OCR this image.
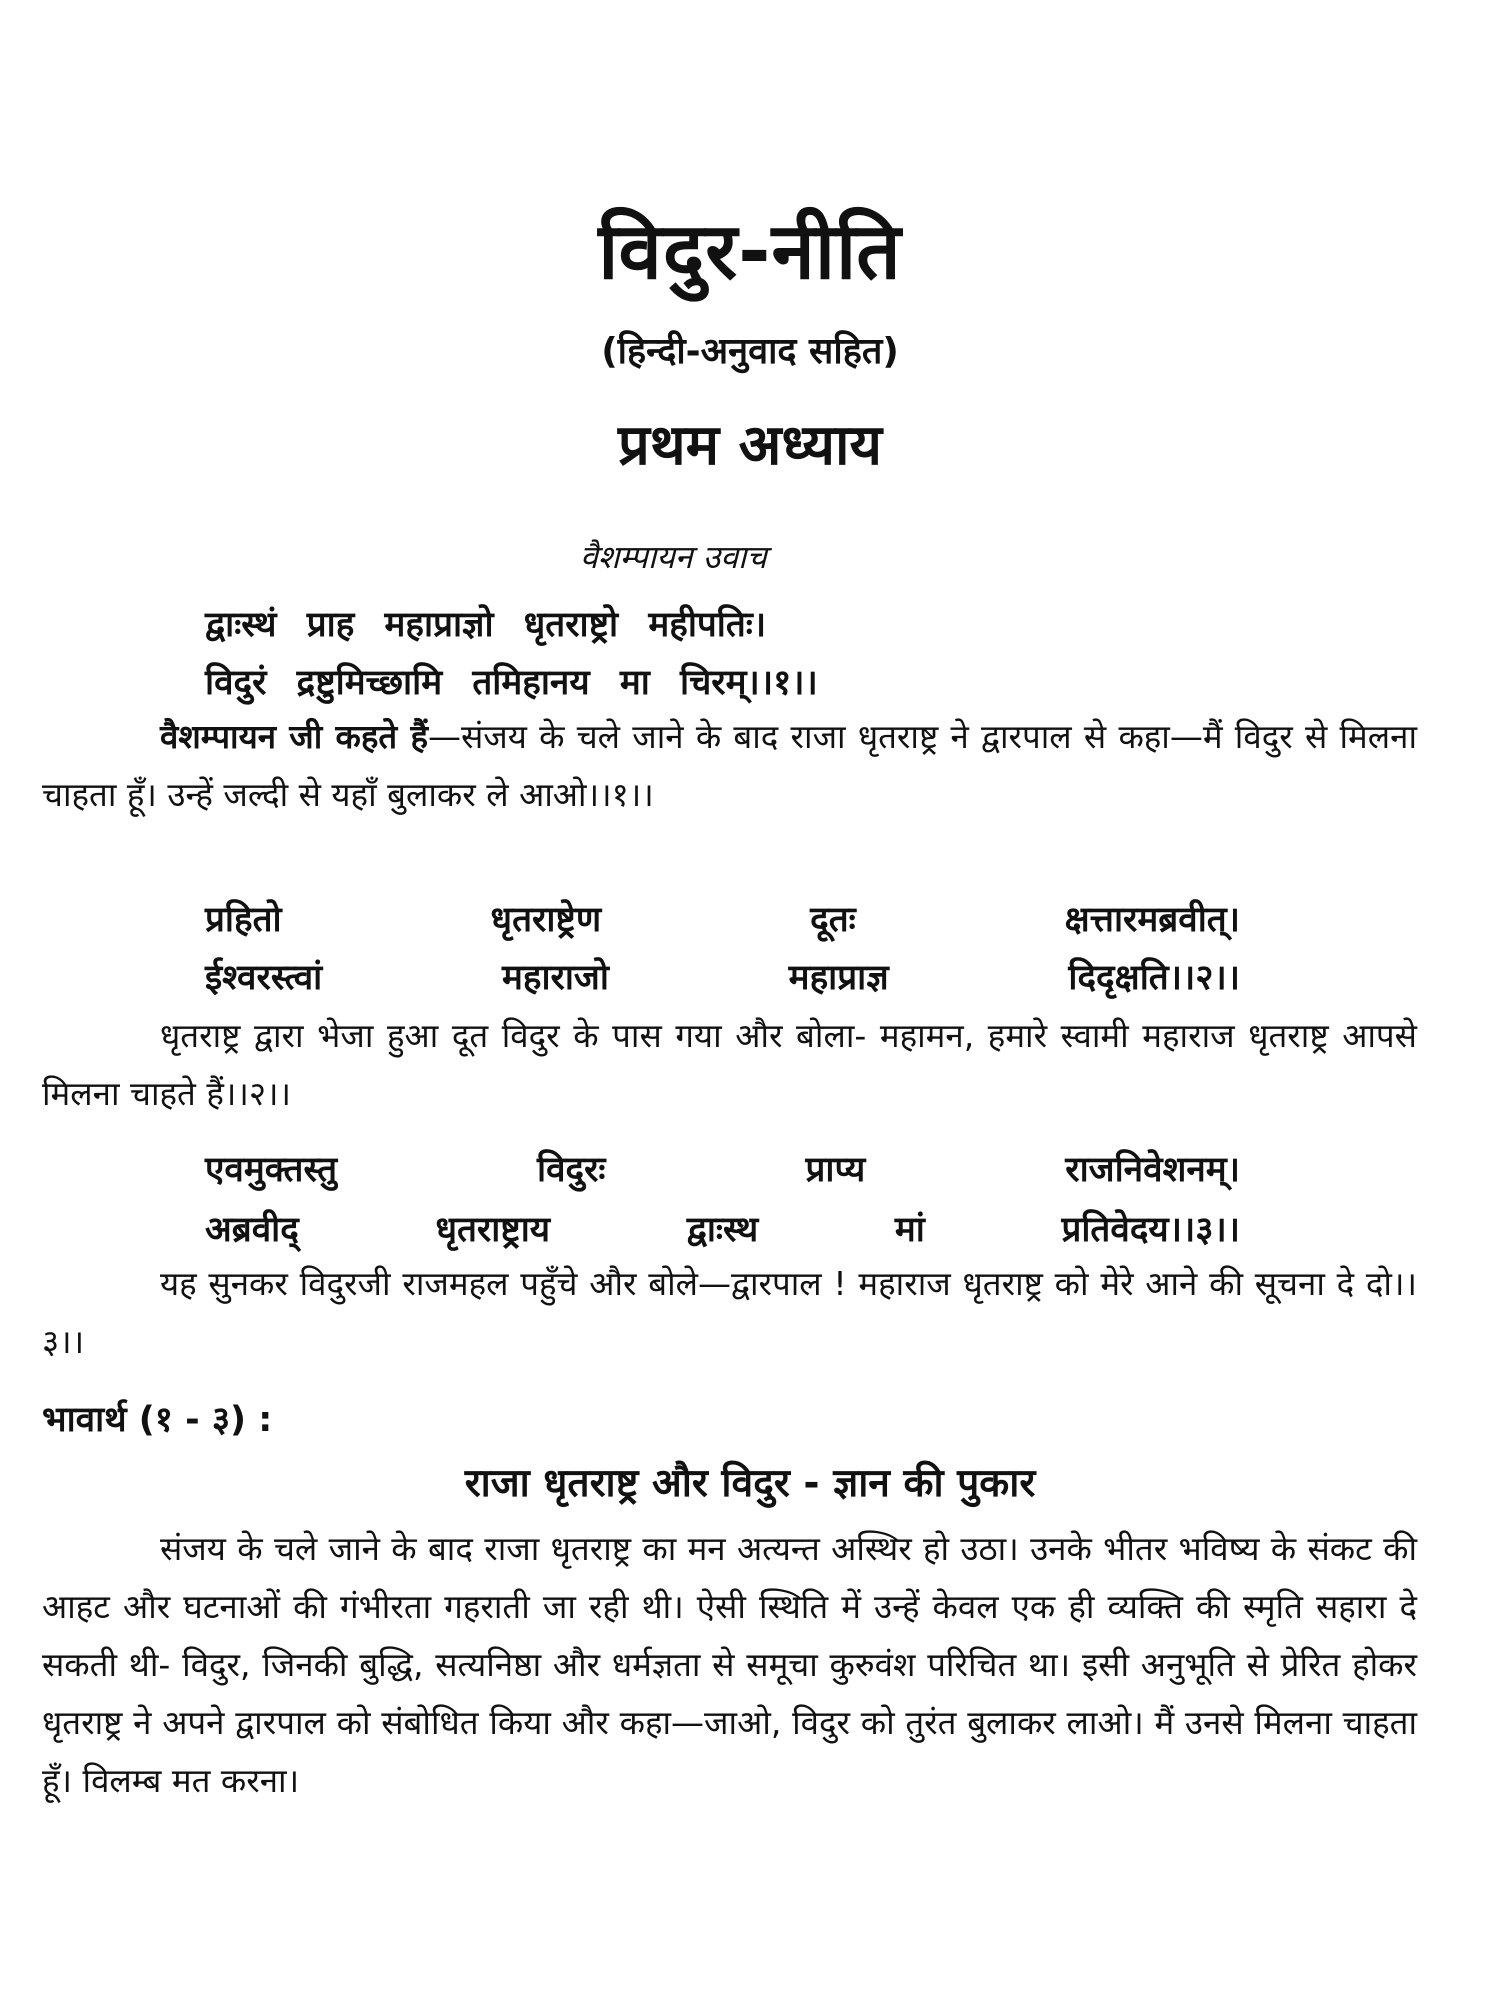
विदुर-नीति
(हिन्दी-अनुवाद सहित)
प्रथम अध्याय
वैशम्पायन उवाच
द्वाःस्थं प्राह महाप्राज्ञो धृतराष्ट्रो महीपतिः।
विदुरं द्रष्टुमिच्छामि तमिहानय मा चिरम्।।१।।

वैशम्पायन जी कहते हैं—संजय के चले जाने के बाद राजा धृतराष्ट्र ने द्वारपाल से कहा—मैं विदुर से मिलना चाहता हूँ। उन्हें जल्दी से यहाँ बुलाकर ले आओ।।१।।

प्रहितो	धृतराष्ट्रेण	दूतः	क्षत्तारमब्रवीत्।
ईश्वरस्त्वां	महाराजो	महाप्राज्ञ	दिदृक्षति।।२।।

धृतराष्ट्र द्वारा भेजा हुआ दूत विदुर के पास गया और बोला- महामन, हमारे स्वामी महाराज धृतराष्ट्र आपसे मिलना चाहते हैं।।२।।

एवमुक्तस्तु	विदुरः	प्राप्य	राजनिवेशनम्।
अब्रवीद्	धृतराष्ट्राय	द्वाःस्थ	मां	प्रतिवेदय।।३।।

यह सुनकर विदुरजी राजमहल पहुँचे और बोले—द्वारपाल ! महाराज धृतराष्ट्र को मेरे आने की सूचना दे दो।।३।।

भावार्थ (१ - ३) :
राजा धृतराष्ट्र और विदुर - ज्ञान की पुकार

संजय के चले जाने के बाद राजा धृतराष्ट्र का मन अत्यन्त अस्थिर हो उठा। उनके भीतर भविष्य के संकट की आहट और घटनाओं की गंभीरता गहराती जा रही थी। ऐसी स्थिति में उन्हें केवल एक ही व्यक्ति की स्मृति सहारा दे सकती थी- विदुर, जिनकी बुद्धि, सत्यनिष्ठा और धर्मज्ञता से समूचा कुरुवंश परिचित था। इसी अनुभूति से प्रेरित होकर धृतराष्ट्र ने अपने द्वारपाल को संबोधित किया और कहा—जाओ, विदुर को तुरंत बुलाकर लाओ। मैं उनसे मिलना चाहता हूँ। विलम्ब मत करना।
